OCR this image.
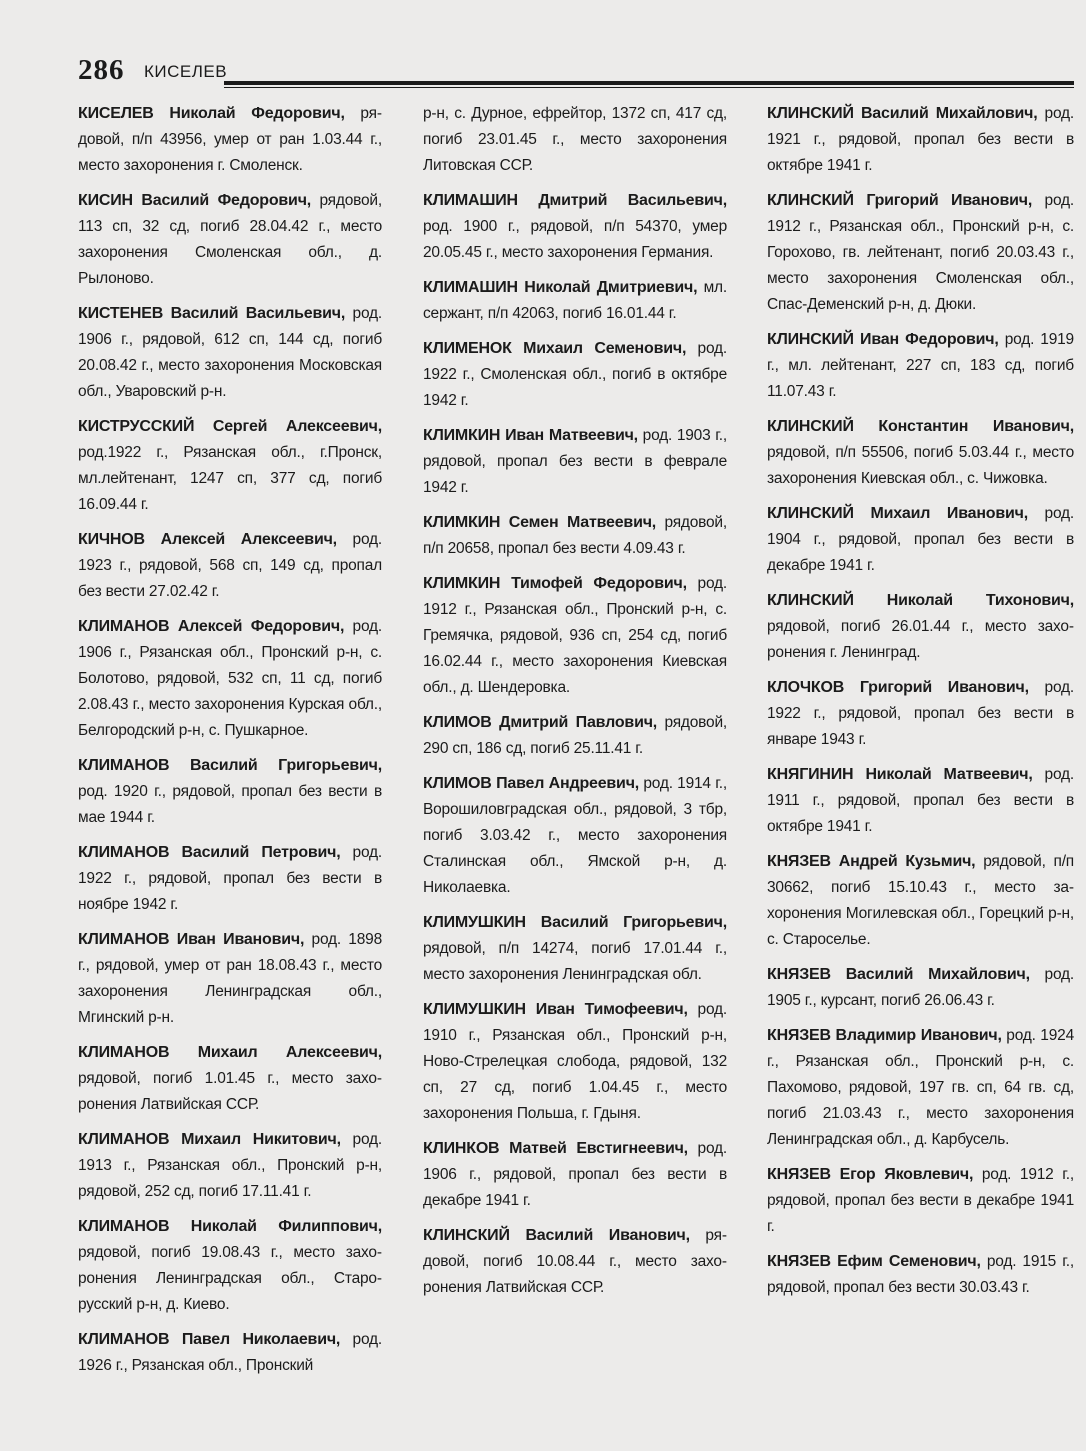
286 КИСЕЛЕВ

КИСЕЛЕВ Николай Федорович, рядовой, п/п 43956, умер от ран 1.03.44 г., место захоронения г. Смоленск.

КИСИН Василий Федорович, рядовой, 113 сп, 32 сд, погиб 28.04.42 г., место захоронения Смоленская обл., д. Рылоново.

КИСТЕНЕВ Василий Васильевич, род. 1906 г., рядовой, 612 сп, 144 сд, погиб 20.08.42 г., место захоронения Московская обл., Уваровский р-н.

КИСТРУССКИЙ Сергей Алексеевич, род.1922 г., Рязанская обл., г.Пронск, мл.лейтенант, 1247 сп, 377 сд, погиб 16.09.44 г.

КИЧНОВ Алексей Алексеевич, род. 1923 г., рядовой, 568 сп, 149 сд, пропал без вести 27.02.42 г.

КЛИМАНОВ Алексей Федорович, род. 1906 г., Рязанская обл., Пронский р-н, с. Болотово, рядовой, 532 сп, 11 сд, погиб 2.08.43 г., место захоронения Курская обл., Белгородский р-н, с. Пушкарное.

КЛИМАНОВ Василий Григорьевич, род. 1920 г., рядовой, пропал без вести в мае 1944 г.

КЛИМАНОВ Василий Петрович, род. 1922 г., рядовой, пропал без вести в ноябре 1942 г.

КЛИМАНОВ Иван Иванович, род. 1898 г., рядовой, умер от ран 18.08.43 г., место захоронения Ленинградская обл., Мгинский р-н.

КЛИМАНОВ Михаил Алексеевич, рядовой, погиб 1.01.45 г., место захоронения Латвийская ССР.

КЛИМАНОВ Михаил Никитович, род. 1913 г., Рязанская обл., Пронский р-н, рядовой, 252 сд, погиб 17.11.41 г.

КЛИМАНОВ Николай Филиппович, рядовой, погиб 19.08.43 г., место захоронения Ленинградская обл., Старорусский р-н, д. Киево.

КЛИМАНОВ Павел Николаевич, род. 1926 г., Рязанская обл., Пронский

р-н, с. Дурное, ефрейтор, 1372 сп, 417 сд, погиб 23.01.45 г., место захоронения Литовская ССР.

КЛИМАШИН Дмитрий Васильевич, род. 1900 г., рядовой, п/п 54370, умер 20.05.45 г., место захоронения Германия.

КЛИМАШИН Николай Дмитриевич, мл. сержант, п/п 42063, погиб 16.01.44 г.

КЛИМЕНОК Михаил Семенович, род. 1922 г., Смоленская обл., погиб в октябре 1942 г.

КЛИМКИН Иван Матвеевич, род. 1903 г., рядовой, пропал без вести в феврале 1942 г.

КЛИМКИН Семен Матвеевич, рядовой, п/п 20658, пропал без вести 4.09.43 г.

КЛИМКИН Тимофей Федорович, род. 1912 г., Рязанская обл., Пронский р-н, с. Гремячка, рядовой, 936 сп, 254 сд, погиб 16.02.44 г., место захоронения Киевская обл., д. Шендеровка.

КЛИМОВ Дмитрий Павлович, рядовой, 290 сп, 186 сд, погиб 25.11.41 г.

КЛИМОВ Павел Андреевич, род. 1914 г., Ворошиловградская обл., рядовой, 3 тбр, погиб 3.03.42 г., место захоронения Сталинская обл., Ямской р-н, д. Николаевка.

КЛИМУШКИН Василий Григорьевич, рядовой, п/п 14274, погиб 17.01.44 г., место захоронения Ленинградская обл.

КЛИМУШКИН Иван Тимофеевич, род. 1910 г., Рязанская обл., Пронский р-н, Ново-Стрелецкая слобода, рядовой, 132 сп, 27 сд, погиб 1.04.45 г., место захоронения Польша, г. Гдыня.

КЛИНКОВ Матвей Евстигнеевич, род. 1906 г., рядовой, пропал без вести в декабре 1941 г.

КЛИНСКИЙ Василий Иванович, рядовой, погиб 10.08.44 г., место захоронения Латвийская ССР.

КЛИНСКИЙ Василий Михайлович, род. 1921 г., рядовой, пропал без вести в октябре 1941 г.

КЛИНСКИЙ Григорий Иванович, род. 1912 г., Рязанская обл., Пронский р-н, с. Горохово, гв. лейтенант, погиб 20.03.43 г., место захоронения Смоленская обл., Спас-Деменский р-н, д. Дюки.

КЛИНСКИЙ Иван Федорович, род. 1919 г., мл. лейтенант, 227 сп, 183 сд, погиб 11.07.43 г.

КЛИНСКИЙ Константин Иванович, рядовой, п/п 55506, погиб 5.03.44 г., место захоронения Киевская обл., с. Чижовка.

КЛИНСКИЙ Михаил Иванович, род. 1904 г., рядовой, пропал без вести в декабре 1941 г.

КЛИНСКИЙ Николай Тихонович, рядовой, погиб 26.01.44 г., место захоронения г. Ленинград.

КЛОЧКОВ Григорий Иванович, род. 1922 г., рядовой, пропал без вести в январе 1943 г.

КНЯГИНИН Николай Матвеевич, род. 1911 г., рядовой, пропал без вести в октябре 1941 г.

КНЯЗЕВ Андрей Кузьмич, рядовой, п/п 30662, погиб 15.10.43 г., место захоронения Могилевская обл., Горецкий р-н, с. Староселье.

КНЯЗЕВ Василий Михайлович, род. 1905 г., курсант, погиб 26.06.43 г.

КНЯЗЕВ Владимир Иванович, род. 1924 г., Рязанская обл., Пронский р-н, с. Пахомово, рядовой, 197 гв. сп, 64 гв. сд, погиб 21.03.43 г., место захоронения Ленинградская обл., д. Карбусель.

КНЯЗЕВ Егор Яковлевич, род. 1912 г., рядовой, пропал без вести в декабре 1941 г.

КНЯЗЕВ Ефим Семенович, род. 1915 г., рядовой, пропал без вести 30.03.43 г.
